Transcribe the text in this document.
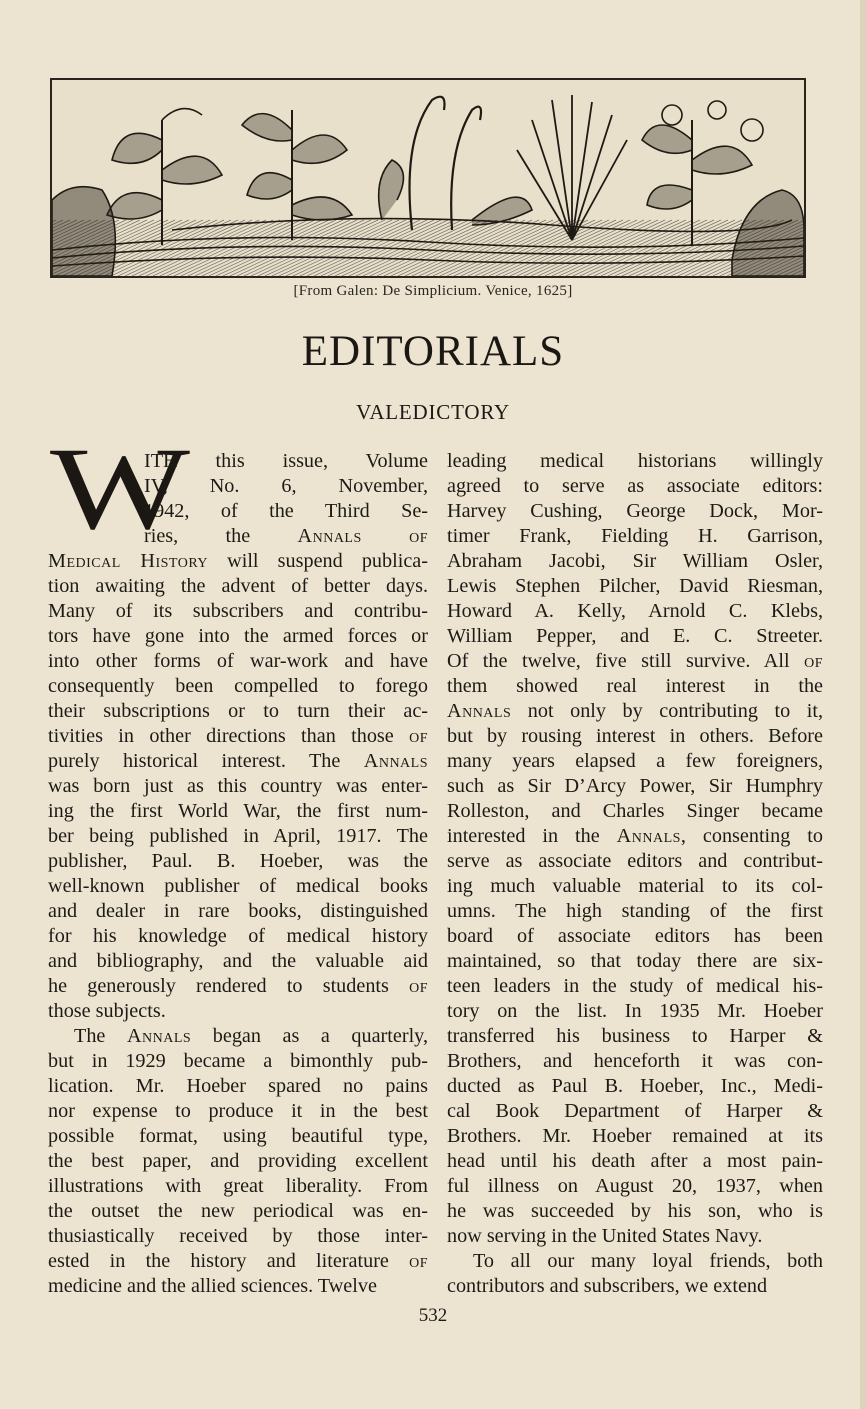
[From Galen: De Simplicium. Venice, 1625]
EDITORIALS
VALEDICTORY
W
ITH this issue, Volume
IV, No. 6, November,
1942, of the Third Se-
ries, the Annals of
Medical History will suspend publica-
tion awaiting the advent of better days.
Many of its subscribers and contribu-
tors have gone into the armed forces or
into other forms of war-work and have
consequently been compelled to forego
their subscriptions or to turn their ac-
tivities in other directions than those of
purely historical interest. The Annals
was born just as this country was enter-
ing the first World War, the first num-
ber being published in April, 1917. The
publisher, Paul. B. Hoeber, was the
well-known publisher of medical books
and dealer in rare books, distinguished
for his knowledge of medical history
and bibliography, and the valuable aid
he generously rendered to students of
those subjects.
The Annals began as a quarterly,
but in 1929 became a bimonthly pub-
lication. Mr. Hoeber spared no pains
nor expense to produce it in the best
possible format, using beautiful type,
the best paper, and providing excellent
illustrations with great liberality. From
the outset the new periodical was en-
thusiastically received by those inter-
ested in the history and literature of
medicine and the allied sciences. Twelve
leading medical historians willingly
agreed to serve as associate editors:
Harvey Cushing, George Dock, Mor-
timer Frank, Fielding H. Garrison,
Abraham Jacobi, Sir William Osler,
Lewis Stephen Pilcher, David Riesman,
Howard A. Kelly, Arnold C. Klebs,
William Pepper, and E. C. Streeter.
Of the twelve, five still survive. All of
them showed real interest in the
Annals not only by contributing to it,
but by rousing interest in others. Before
many years elapsed a few foreigners,
such as Sir D’Arcy Power, Sir Humphry
Rolleston, and Charles Singer became
interested in the Annals, consenting to
serve as associate editors and contribut-
ing much valuable material to its col-
umns. The high standing of the first
board of associate editors has been
maintained, so that today there are six-
teen leaders in the study of medical his-
tory on the list. In 1935 Mr. Hoeber
transferred his business to Harper &
Brothers, and henceforth it was con-
ducted as Paul B. Hoeber, Inc., Medi-
cal Book Department of Harper &
Brothers. Mr. Hoeber remained at its
head until his death after a most pain-
ful illness on August 20, 1937, when
he was succeeded by his son, who is
now serving in the United States Navy.
To all our many loyal friends, both
contributors and subscribers, we extend
532
